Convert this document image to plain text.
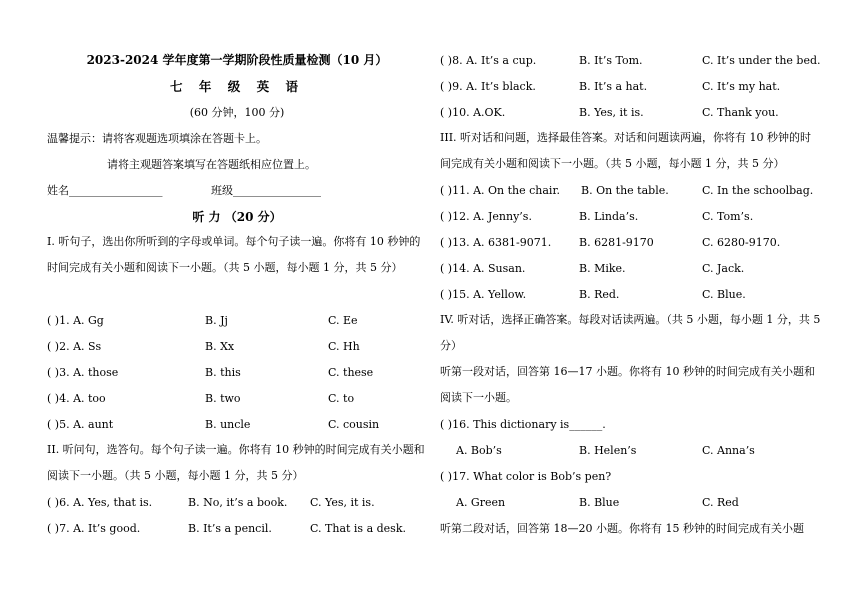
2023-2024 学年度第一学期阶段性质量检测（10 月）
七 年 级 英 语
(60 分钟，100 分)
温馨提示：请将客观题选项填涂在答题卡上。
请将主观题答案填写在答题纸相应位置上。
姓名_________________	班级________________
听 力 （20 分）
I. 听句子，选出你所听到的字母或单词。每个句子读一遍。你将有 10 秒钟的时间完成有关小题和阅读下一小题。（共 5 小题，每小题 1 分，共 5 分）
( )1. A. Gg	B. Jj	C. Ee
( )2. A. Ss	B. Xx	C. Hh
( )3. A. those	B. this	C. these
( )4. A. too	B. two	C. to
( )5. A. aunt	B. uncle	C. cousin
II. 听问句，选答句。每个句子读一遍。你将有 10 秒钟的时间完成有关小题和阅读下一小题。（共 5 小题，每小题 1 分，共 5 分）
( )6. A. Yes, that is.	B. No, it’s a book. C. Yes, it is.
( )7. A. It’s good.	B. It’s a pencil.	C. That is a desk.
( )8. A. It’s a cup.	B. It’s Tom.	C. It’s under the bed.
( )9. A. It’s black.	B. It’s a hat.	C. It’s my hat.
( )10. A.OK.	B. Yes, it is.	C. Thank you.
III. 听对话和问题，选择最佳答案。对话和问题读两遍，你将有 10 秒钟的时间完成有关小题和阅读下一小题。（共 5 小题，每小题 1 分，共 5 分）
( )11. A. On the chair. B. On the table.	C. In the schoolbag.
( )12. A. Jenny’s.	B. Linda’s.	C. Tom’s.
( )13. A. 6381-9071.	B. 6281-9170	C. 6280-9170.
( )14. A. Susan.	B. Mike.	C. Jack.
( )15. A. Yellow.	B. Red.	C. Blue.
IV. 听对话，选择正确答案。每段对话读两遍。（共 5 小题，每小题 1 分，共 5 分）
听第一段对话，回答第 16—17 小题。你将有 10 秒钟的时间完成有关小题和阅读下一小题。
( )16. This dictionary is______.
A. Bob’s	B. Helen’s	C. Anna’s
( )17. What color is Bob’s pen?
A. Green	B. Blue	C. Red
听第二段对话，回答第 18—20 小题。你将有 15 秒钟的时间完成有关小题
